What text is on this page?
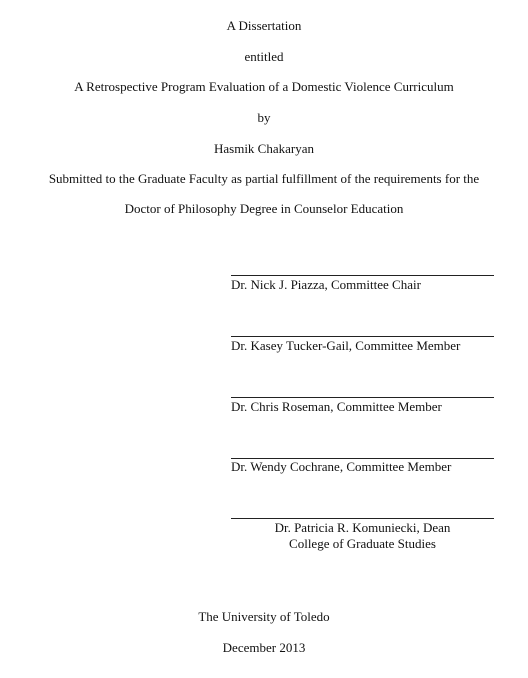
A Dissertation
entitled
A Retrospective Program Evaluation of a Domestic Violence Curriculum
by
Hasmik Chakaryan
Submitted to the Graduate Faculty as partial fulfillment of the requirements for the
Doctor of Philosophy Degree in Counselor Education
Dr. Nick J. Piazza, Committee Chair
Dr. Kasey Tucker-Gail, Committee Member
Dr. Chris Roseman, Committee Member
Dr. Wendy Cochrane, Committee Member
Dr. Patricia R. Komuniecki, Dean
College of Graduate Studies
The University of Toledo
December 2013
